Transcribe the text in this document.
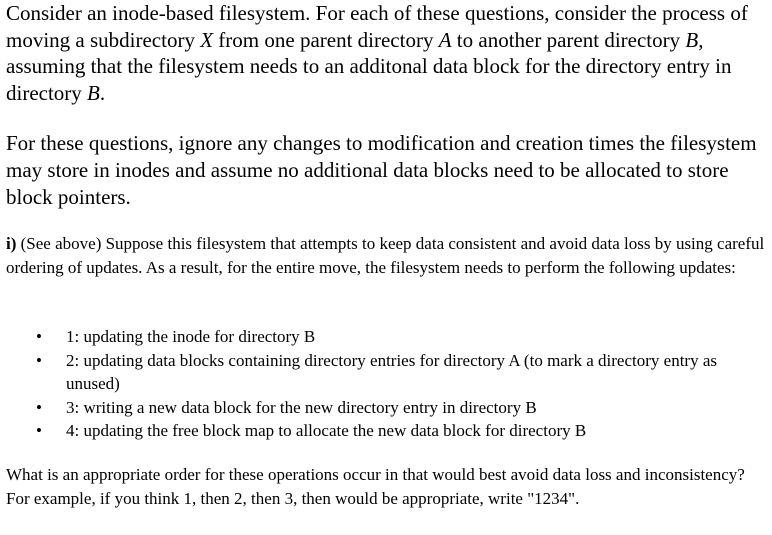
Consider an inode-based filesystem. For each of these questions, consider the process of moving a subdirectory X from one parent directory A to another parent directory B, assuming that the filesystem needs to an additonal data block for the directory entry in directory B.

For these questions, ignore any changes to modification and creation times the filesystem may store in inodes and assume no additional data blocks need to be allocated to store block pointers.

i) (See above) Suppose this filesystem that attempts to keep data consistent and avoid data loss by using careful ordering of updates. As a result, for the entire move, the filesystem needs to perform the following updates:

• 1: updating the inode for directory B
• 2: updating data blocks containing directory entries for directory A (to mark a directory entry as unused)
• 3: writing a new data block for the new directory entry in directory B
• 4: updating the free block map to allocate the new data block for directory B

What is an appropriate order for these operations occur in that would best avoid data loss and inconsistency? For example, if you think 1, then 2, then 3, then would be appropriate, write "1234".
